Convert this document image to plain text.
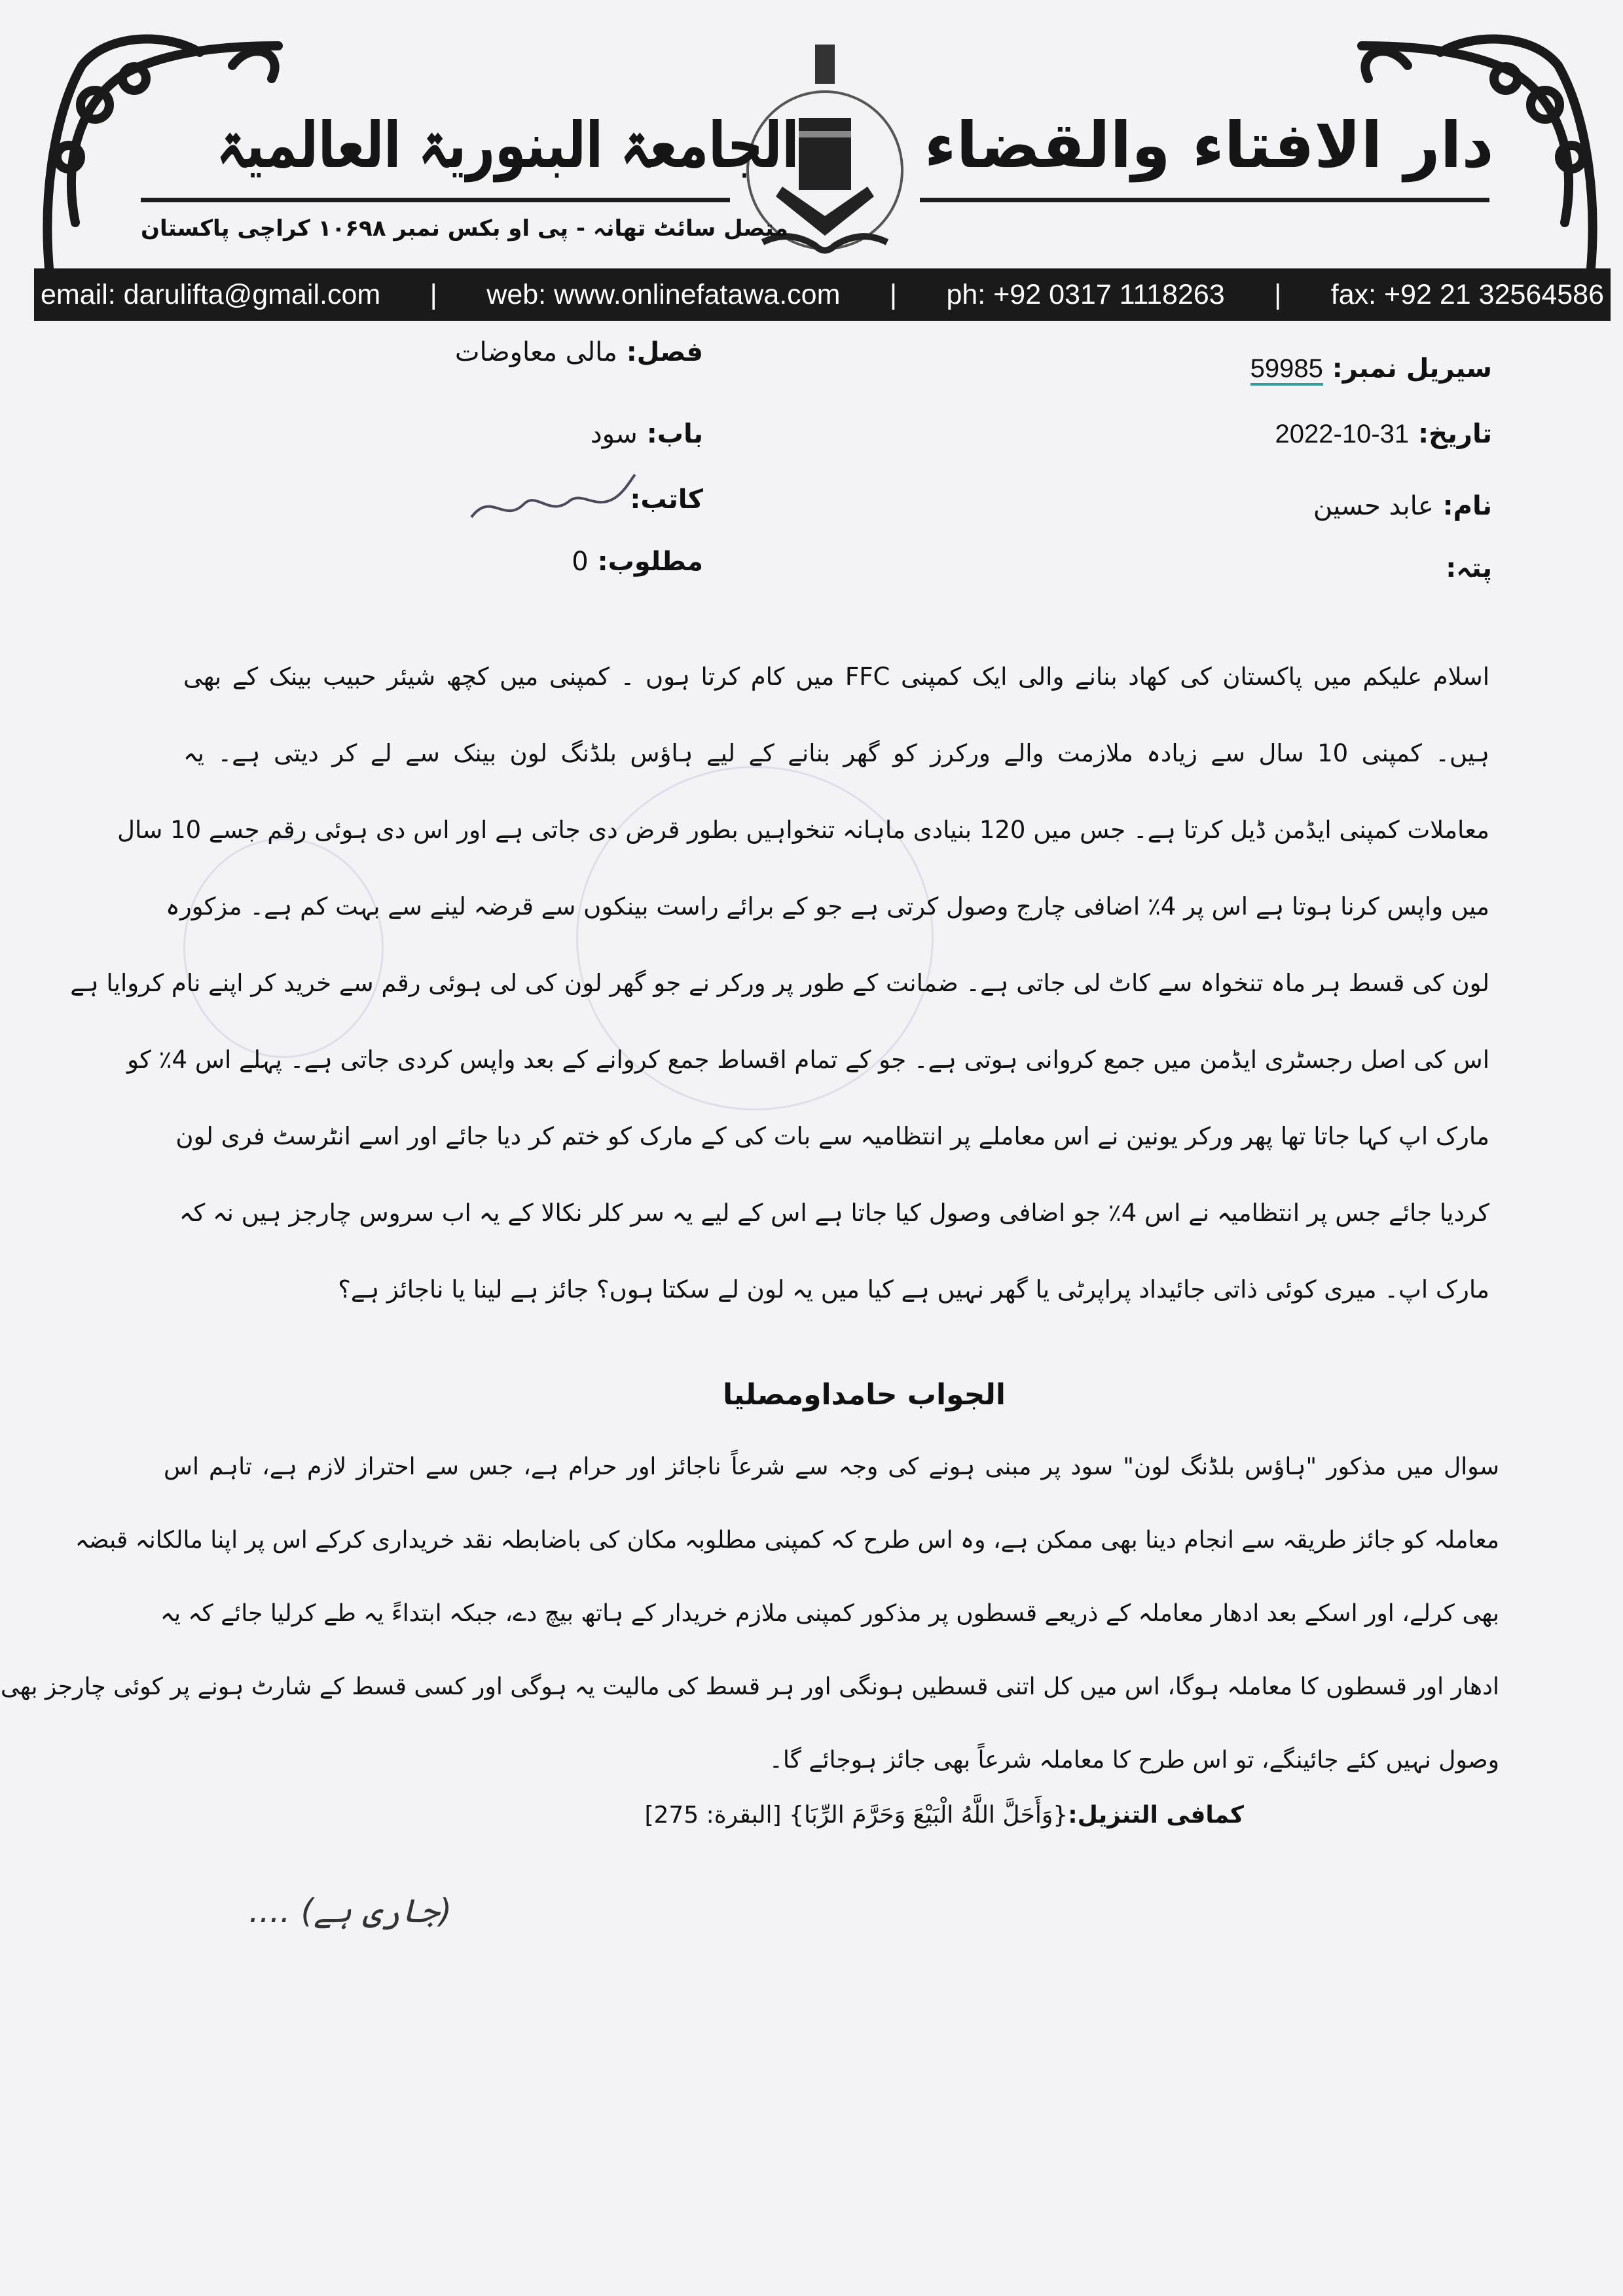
الجامعۃ البنوریۃ العالمیۃ دار الافتاء والقضاء
متصل سائٹ تھانہ - پی او بکس نمبر ۱۰۶۹۸ کراچی پاکستان
email: darulifta@gmail.com | web: www.onlinefatawa.com | ph: +92 0317 1118263 | fax: +92 21 32564586
سیریل نمبر: 59985
تاریخ: 31-10-2022
نام: عابد حسین
پتہ:
فصل: مالی معاوضات
باب: سود
کاتب:
مطلوب: 0
اسلام علیکم میں پاکستان کی کھاد بنانے والی ایک کمپنی FFC میں کام کرتا ہوں ۔ کمپنی میں کچھ شیئر حبیب بینک کے بھی
ہیں۔ کمپنی 10 سال سے زیادہ ملازمت والے ورکرز کو گھر بنانے کے لیے ہاؤس بلڈنگ لون بینک سے لے کر دیتی ہے۔ یہ
معاملات کمپنی ایڈمن ڈیل کرتا ہے۔ جس میں 120 بنیادی ماہانہ تنخواہیں بطور قرض دی جاتی ہے اور اس دی ہوئی رقم جسے 10 سال
میں واپس کرنا ہوتا ہے اس پر 4٪ اضافی چارج وصول کرتی ہے جو کے برائے راست بینکوں سے قرضہ لینے سے بہت کم ہے۔ مزکورہ
لون کی قسط ہر ماہ تنخواہ سے کاٹ لی جاتی ہے۔ ضمانت کے طور پر ورکر نے جو گھر لون کی لی ہوئی رقم سے خرید کر اپنے نام کروایا ہے
اس کی اصل رجسٹری ایڈمن میں جمع کروانی ہوتی ہے۔ جو کے تمام اقساط جمع کروانے کے بعد واپس کردی جاتی ہے۔ پہلے اس 4٪ کو
مارک اپ کہا جاتا تھا پھر ورکر یونین نے اس معاملے پر انتظامیہ سے بات کی کے مارک کو ختم کر دیا جائے اور اسے انٹرسٹ فری لون
کردیا جائے جس پر انتظامیہ نے اس 4٪ جو اضافی وصول کیا جاتا ہے اس کے لیے یہ سر کلر نکالا کے یہ اب سروس چارجز ہیں نہ کہ
مارک اپ۔ میری کوئی ذاتی جائیداد پراپرٹی یا گھر نہیں ہے کیا میں یہ لون لے سکتا ہوں؟ جائز ہے لینا یا ناجائز ہے؟
الجواب حامداومصلیا
سوال میں مذکور "ہاؤس بلڈنگ لون" سود پر مبنی ہونے کی وجہ سے شرعاً ناجائز اور حرام ہے، جس سے احتراز لازم ہے، تاہم اس
معاملہ کو جائز طریقہ سے انجام دینا بھی ممکن ہے، وہ اس طرح کہ کمپنی مطلوبہ مکان کی باضابطہ نقد خریداری کرکے اس پر اپنا مالکانہ قبضہ
بھی کرلے، اور اسکے بعد ادھار معاملہ کے ذریعے قسطوں پر مذکور کمپنی ملازم خریدار کے ہاتھ بیچ دے، جبکہ ابتداءً یہ طے کرلیا جائے کہ یہ
ادھار اور قسطوں کا معاملہ ہوگا، اس میں کل اتنی قسطیں ہونگی اور ہر قسط کی مالیت یہ ہوگی اور کسی قسط کے شارٹ ہونے پر کوئی چارجز بھی
وصول نہیں کئے جائینگے، تو اس طرح کا معاملہ شرعاً بھی جائز ہوجائے گا۔
کمافی التنزیل:{وَأَحَلَّ اللَّهُ الْبَيْعَ وَحَرَّمَ الرِّبَا} [البقرة: 275]
(جاری ہے) ....
